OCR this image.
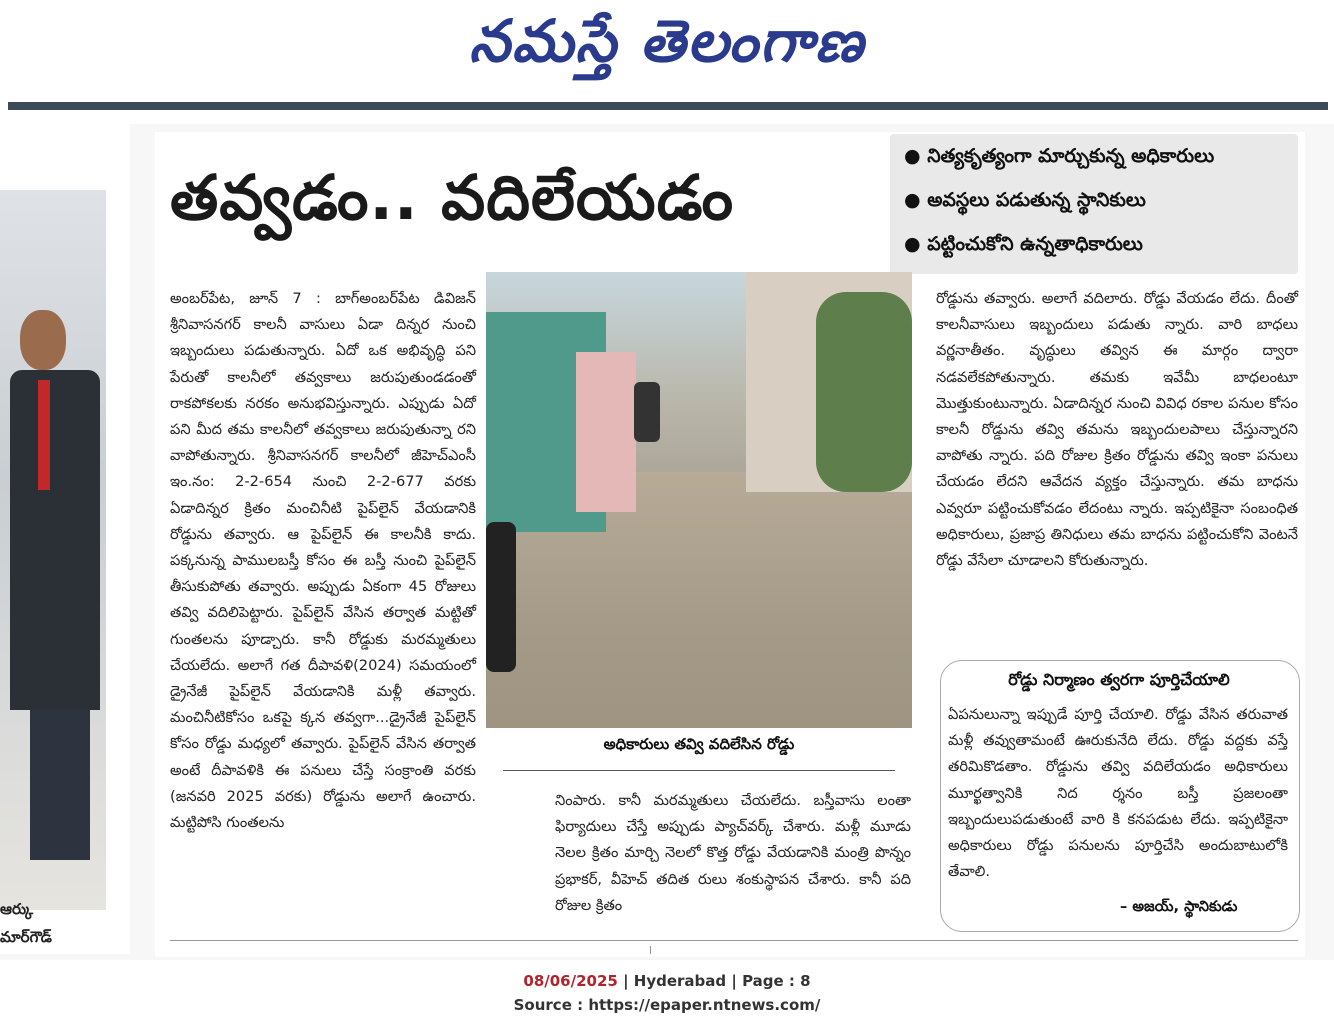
నమస్తే తెలంగాణ
ఆర్కు
మార్‌గౌడ్
తవ్వడం.. వదిలేయడం
● నిత్యకృత్యంగా మార్చుకున్న అధికారులు
● అవస్థలు పడుతున్న స్థానికులు
● పట్టించుకోని ఉన్నతాధికారులు

అంబర్‌పేట, జూన్ 7 : బాగ్‌అంబర్‌పేట డివిజన్ శ్రీనివాసనగర్ కాలనీ వాసులు ఏడా దిన్నర నుంచి ఇబ్బందులు పడుతున్నారు. ఏదో ఒక అభివృద్ధి పని పేరుతో కాలనీలో తవ్వకాలు జరుపుతుండడంతో రాకపోకలకు నరకం అనుభవిస్తున్నారు. ఎప్పుడు ఏదో పని మీద తమ కాలనీలో తవ్వకాలు జరుపుతున్నా రని వాపోతున్నారు. శ్రీనివాసనగర్ కాలనీలో జీహెచ్‌ఎంసీ ఇం.నం: 2-2-654 నుంచి 2-2-677 వరకు ఏడాదిన్నర క్రితం మంచినీటి పైప్‌లైన్ వేయడానికి రోడ్డును తవ్వారు. ఆ పైప్‌లైన్ ఈ కాలనీకి కాదు. పక్కనున్న పాములబస్తీ కోసం ఈ బస్తీ నుంచి పైప్‌లైన్ తీసుకుపోతు తవ్వారు. అప్పుడు ఏకంగా 45 రోజులు తవ్వి వదిలిపెట్టారు. పైప్‌లైన్ వేసిన తర్వాత మట్టితో గుంతలను పూడ్చారు. కానీ రోడ్డుకు మరమ్మతులు చేయలేదు. అలాగే గత దీపావళి(2024) సమయంలో డ్రైనేజీ పైప్‌లైన్ వేయడానికి మళ్లీ తవ్వారు. మంచినీటికోసం ఒకపై క్కన తవ్వగా...డ్రైనేజీ పైప్‌లైన్ కోసం రోడ్డు మధ్యలో తవ్వారు. పైప్‌లైన్ వేసిన తర్వాత అంటే దీపావళికి ఈ పనులు చేస్తే సంక్రాంతి వరకు (జనవరి 2025 వరకు) రోడ్డును అలాగే ఉంచారు. మట్టిపోసి గుంతలను

అధికారులు తవ్వి వదిలేసిన రోడ్డు

నింపారు. కానీ మరమ్మతులు చేయలేదు. బస్తీవాసు లంతా ఫిర్యాదులు చేస్తే అప్పుడు ప్యాచ్‌వర్క్ చేశారు. మళ్లీ మూడు నెలల క్రితం మార్చి నెలలో కొత్త రోడ్డు వేయడానికి మంత్రి పొన్నం ప్రభాకర్, వీహెచ్ తదిత రులు శంకుస్థాపన చేశారు. కానీ పది రోజుల క్రితం

రోడ్డును తవ్వారు. అలాగే వదిలారు. రోడ్డు వేయడం లేదు. దీంతో కాలనీవాసులు ఇబ్బందులు పడుతు న్నారు. వారి బాధలు వర్ణనాతీతం. వృద్ధులు తవ్విన ఈ మార్గం ద్వారా నడవలేకపోతున్నారు. తమకు ఇవేమీ బాధలంటూ మొత్తుకుంటున్నారు. ఏడాదిన్నర నుంచి వివిధ రకాల పనుల కోసం కాలనీ రోడ్డును తవ్వి తమను ఇబ్బందులపాలు చేస్తున్నారని వాపోతు న్నారు. పది రోజుల క్రితం రోడ్డును తవ్వి ఇంకా పనులు చేయడం లేదని ఆవేదన వ్యక్తం చేస్తున్నారు. తమ బాధను ఎవ్వరూ పట్టించుకోవడం లేదంటు న్నారు. ఇప్పటికైనా సంబంధిత అధికారులు, ప్రజాప్ర తినిధులు తమ బాధను పట్టించుకోని వెంటనే రోడ్డు వేసేలా చూడాలని కోరుతున్నారు.

రోడ్డు నిర్మాణం త్వరగా పూర్తిచేయాలి
ఏపనులున్నా ఇప్పుడే పూర్తి చేయాలి. రోడ్డు వేసిన తరువాత మళ్లీ తవ్వుతామంటే ఊరుకునేది లేదు. రోడ్డు వద్దకు వస్తే తరిమికొడతాం. రోడ్డును తవ్వి వదిలేయడం అధికారులు మూర్ఖత్వానికి నిద ర్శనం బస్తీ ప్రజలంతా ఇబ్బందులుపడుతుంటే వారి కి కనపడుట లేదు. ఇప్పటికైనా అధికారులు రోడ్డు పనులను పూర్తిచేసి అందుబాటులోకి తేవాలి.
– అజయ్, స్థానికుడు
08/06/2025 | Hyderabad | Page : 8
Source : https://epaper.ntnews.com/
